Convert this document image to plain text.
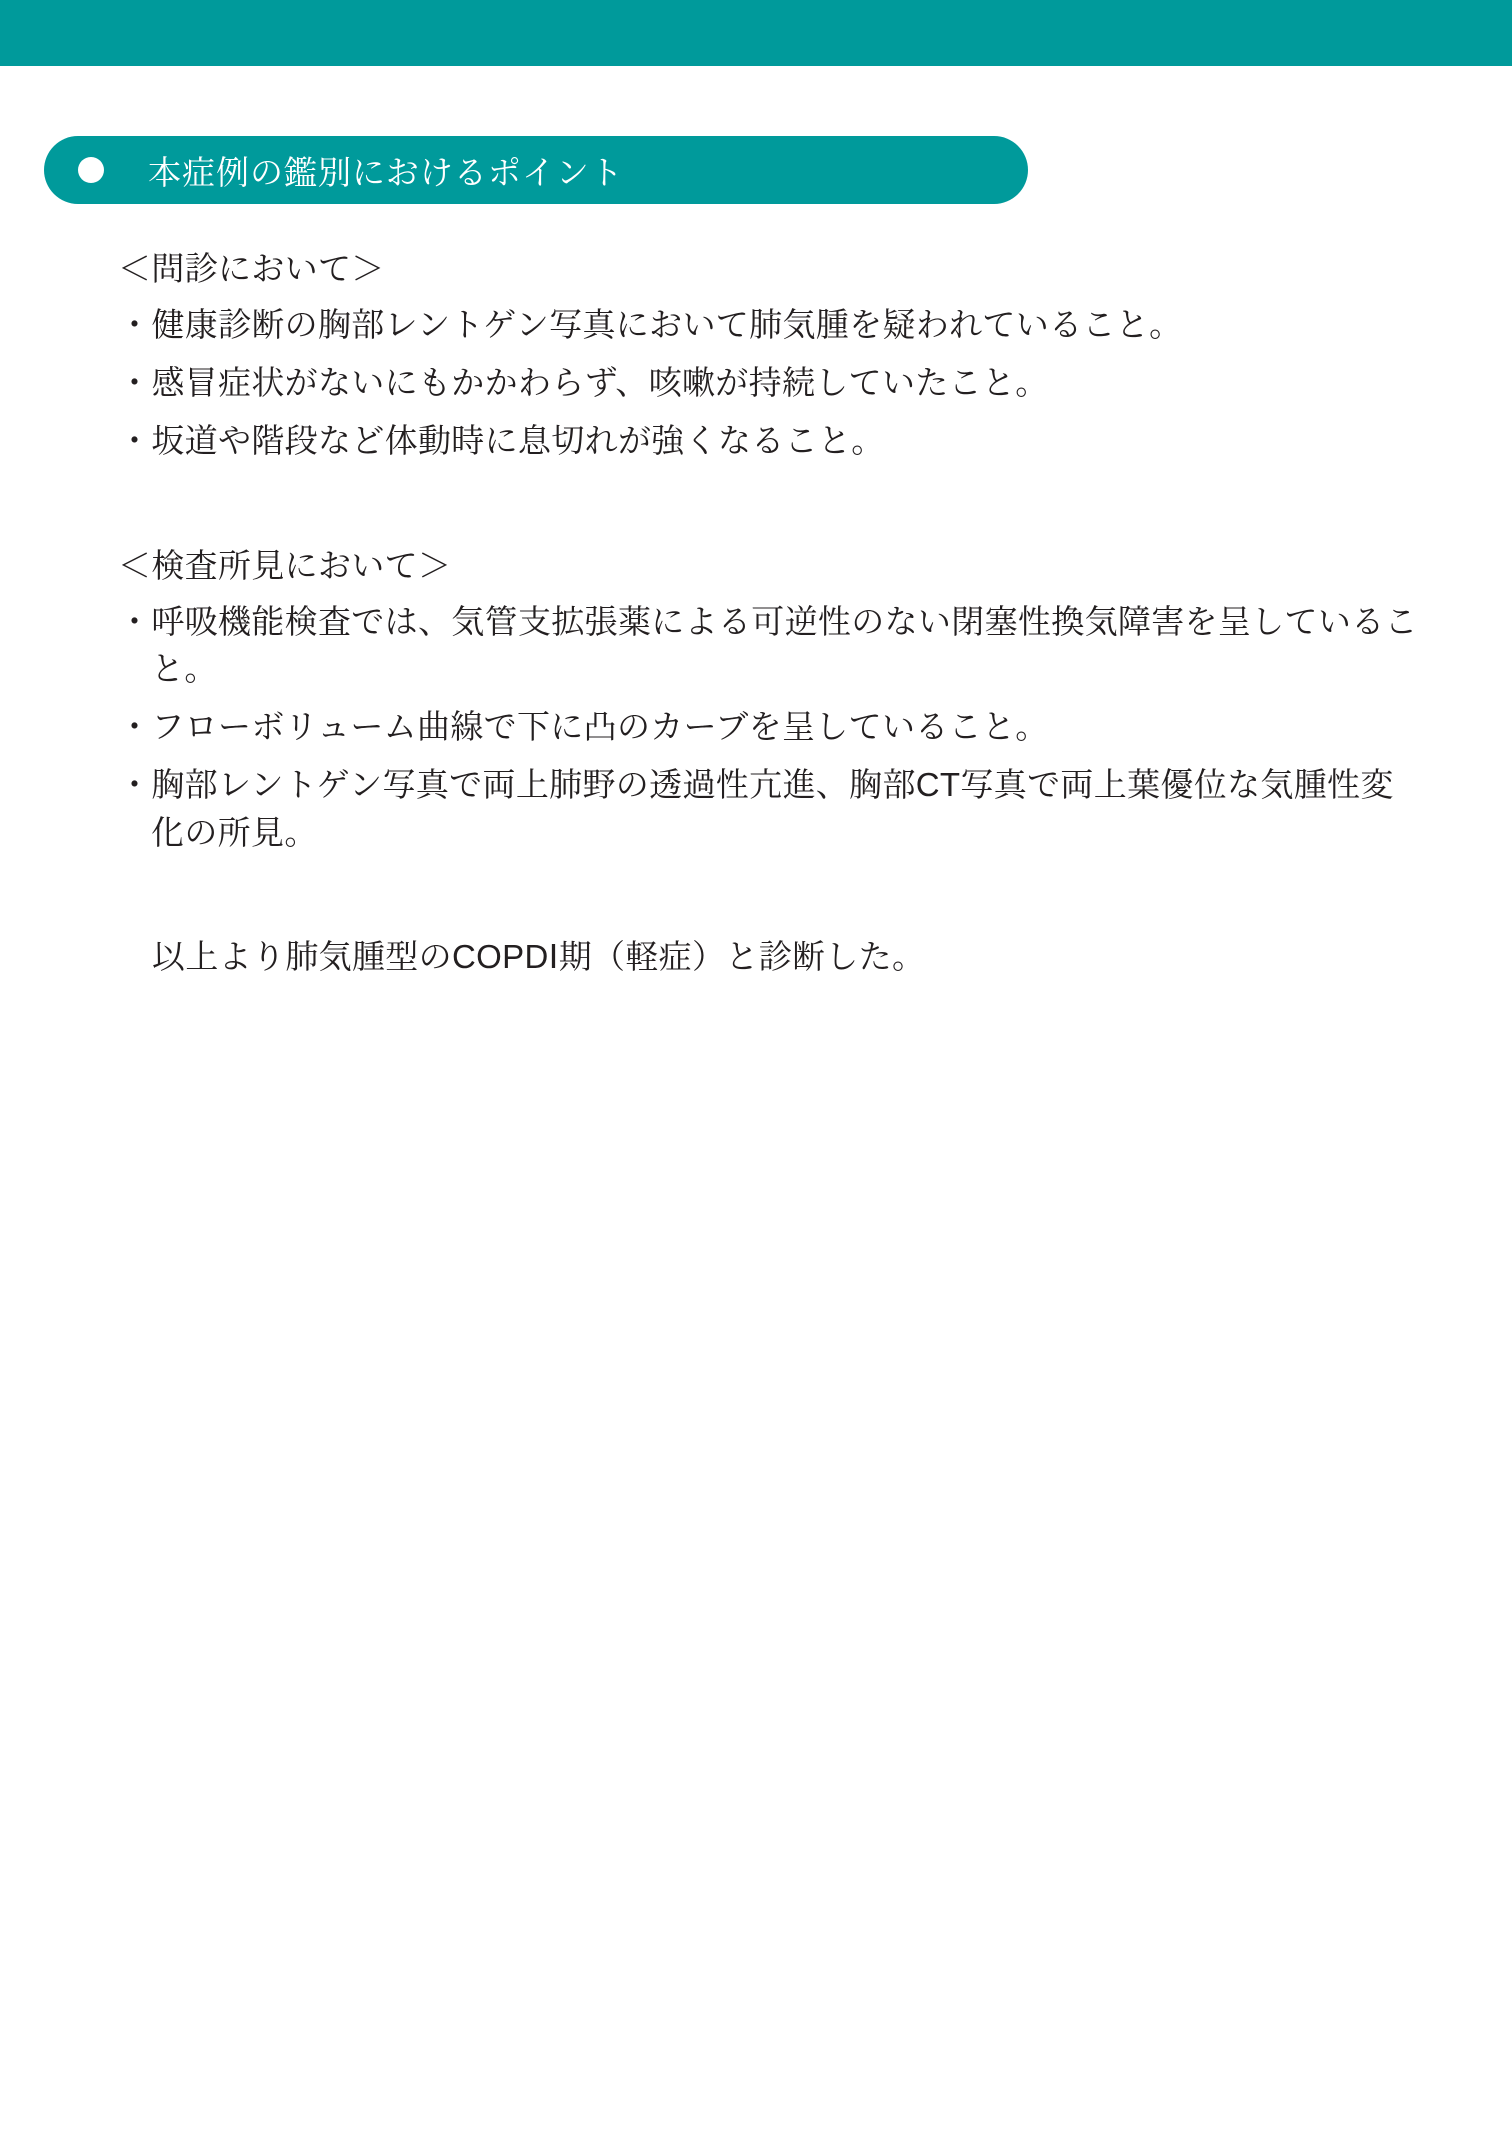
本症例の鑑別におけるポイント

＜問診において＞

・健康診断の胸部レントゲン写真において肺気腫を疑われていること。

・感冒症状がないにもかかわらず、咳嗽が持続していたこと。

・坂道や階段など体動時に息切れが強くなること。

＜検査所見において＞

・呼吸機能検査では、気管支拡張薬による可逆性のない閉塞性換気障害を呈していること。

・フローボリューム曲線で下に凸のカーブを呈していること。

・胸部レントゲン写真で両上肺野の透過性亢進、胸部CT写真で両上葉優位な気腫性変化の所見。

以上より肺気腫型のCOPDⅠ期（軽症）と診断した。
